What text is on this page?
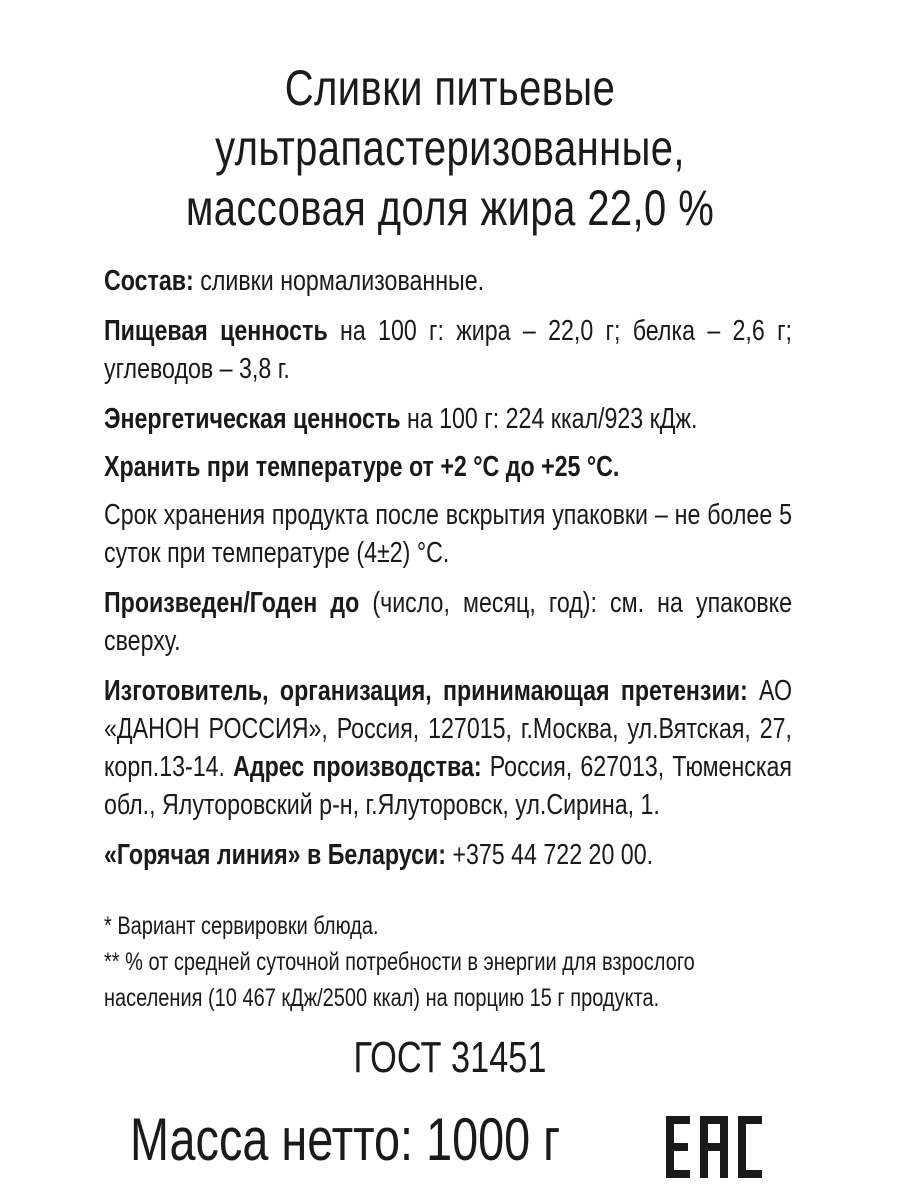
Сливки питьевые
ультрапастеризованные,
массовая доля жира 22,0 %

Состав: сливки нормализованные.

Пищевая ценность на 100 г: жира – 22,0 г; белка – 2,6 г; углеводов – 3,8 г.

Энергетическая ценность на 100 г: 224 ккал/923 кДж.

Хранить при температуре от +2 °С до +25 °С.

Срок хранения продукта после вскрытия упаковки – не более 5 суток при температуре (4±2) °С.

Произведен/Годен до (число, месяц, год): см. на упаковке сверху.

Изготовитель, организация, принимающая претензии: АО «ДАНОН РОССИЯ», Россия, 127015, г.Москва, ул.Вятская, 27, корп.13-14. Адрес производства: Россия, 627013, Тюменская обл., Ялуторовский р-н, г.Ялуторовск, ул.Сирина, 1.

«Горячая линия» в Беларуси: +375 44 722 20 00.

* Вариант сервировки блюда.

** % от средней суточной потребности в энергии для взрослого населения (10 467 кДж/2500 ккал) на порцию 15 г продукта.

ГОСТ 31451
Масса нетто: 1000 г
